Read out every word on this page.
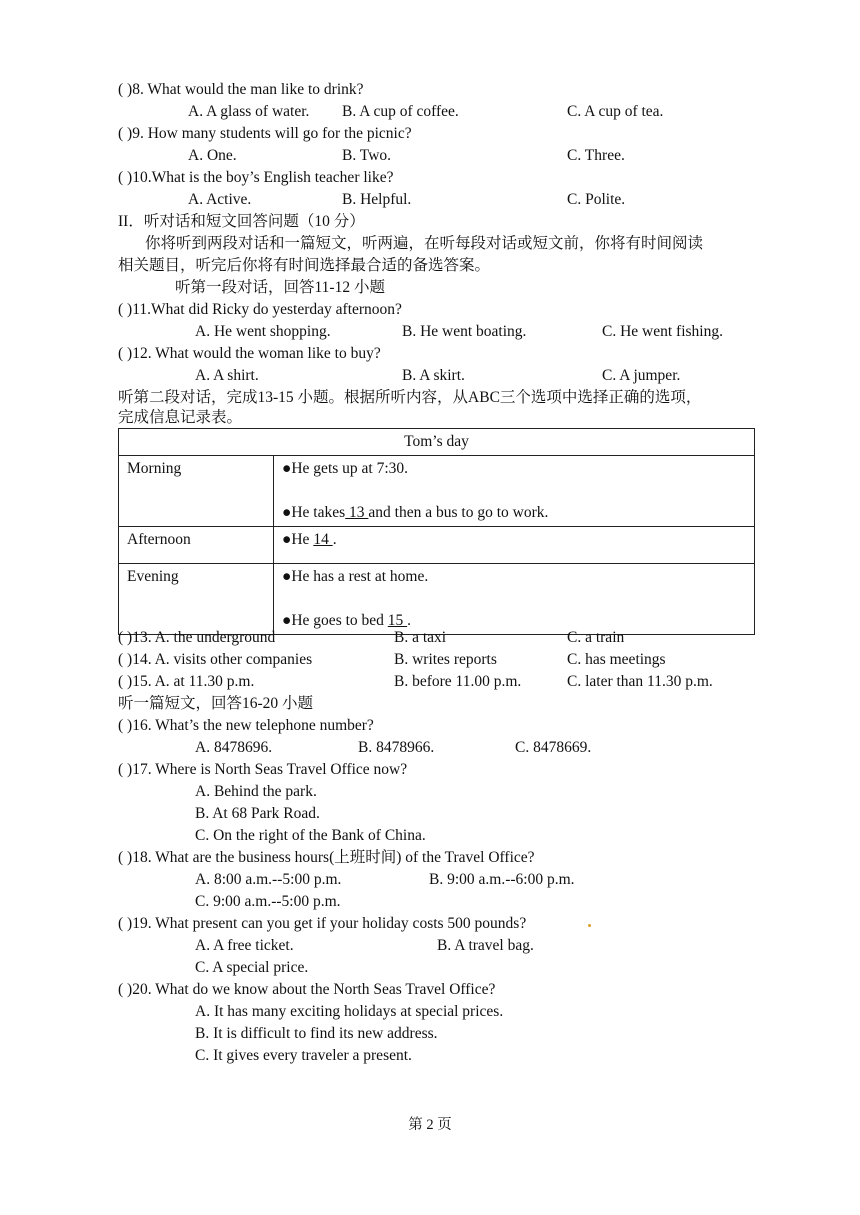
( )8. What would the man like to drink?
A. A glass of water. B. A cup of coffee.	C. A cup of tea.
( )9. How many students will go for the picnic?
A. One.	B. Two.	C. Three.
( )10.What is the boy’s English teacher like?
A. Active.	B. Helpful.	C. Polite.
II．听对话和短文回答问题（10 分）
你将听到两段对话和一篇短文，听两遍，在听每段对话或短文前，你将有时间阅读
相关题目，听完后你将有时间选择最合适的备选答案。
听第一段对话，回答11-12 小题
( )11.What did Ricky do yesterday afternoon?
A. He went shopping.	B. He went boating.	C. He went fishing.
( )12. What would the woman like to buy?
A. A shirt.	B. A skirt.	C. A jumper.
听第二段对话，完成13-15 小题。根据所听内容，从ABC三个选项中选择正确的选项，
完成信息记录表。
Tom’s day	
Morning	●He gets up at 7:30.
●He takes 13 and then a bus to go to work.

Afternoon	●He 14 .
Evening	●He has a rest at home.
●He goes to bed 15 .
( )13. A. the underground	B. a taxi	C. a train
( )14. A. visits other companies	B. writes reports	C. has meetings
( )15. A. at 11.30 p.m.	B. before 11.00 p.m.	C. later than 11.30 p.m.
听一篇短文，回答16-20 小题
( )16. What’s the new telephone number?
A. 8478696.	B. 8478966.	C. 8478669.
( )17. Where is North Seas Travel Office now?
A. Behind the park.
B. At 68 Park Road.
C. On the right of the Bank of China.
( )18. What are the business hours(上班时间) of the Travel Office?
A. 8:00 a.m.--5:00 p.m.	B. 9:00 a.m.--6:00 p.m.
C. 9:00 a.m.--5:00 p.m.
( )19. What present can you get if your holiday costs 500 pounds?
A. A free ticket.	B. A travel bag.
C. A special price.
( )20. What do we know about the North Seas Travel Office?
A. It has many exciting holidays at special prices.
B. It is difficult to find its new address.
C. It gives every traveler a present.
第 2 页
